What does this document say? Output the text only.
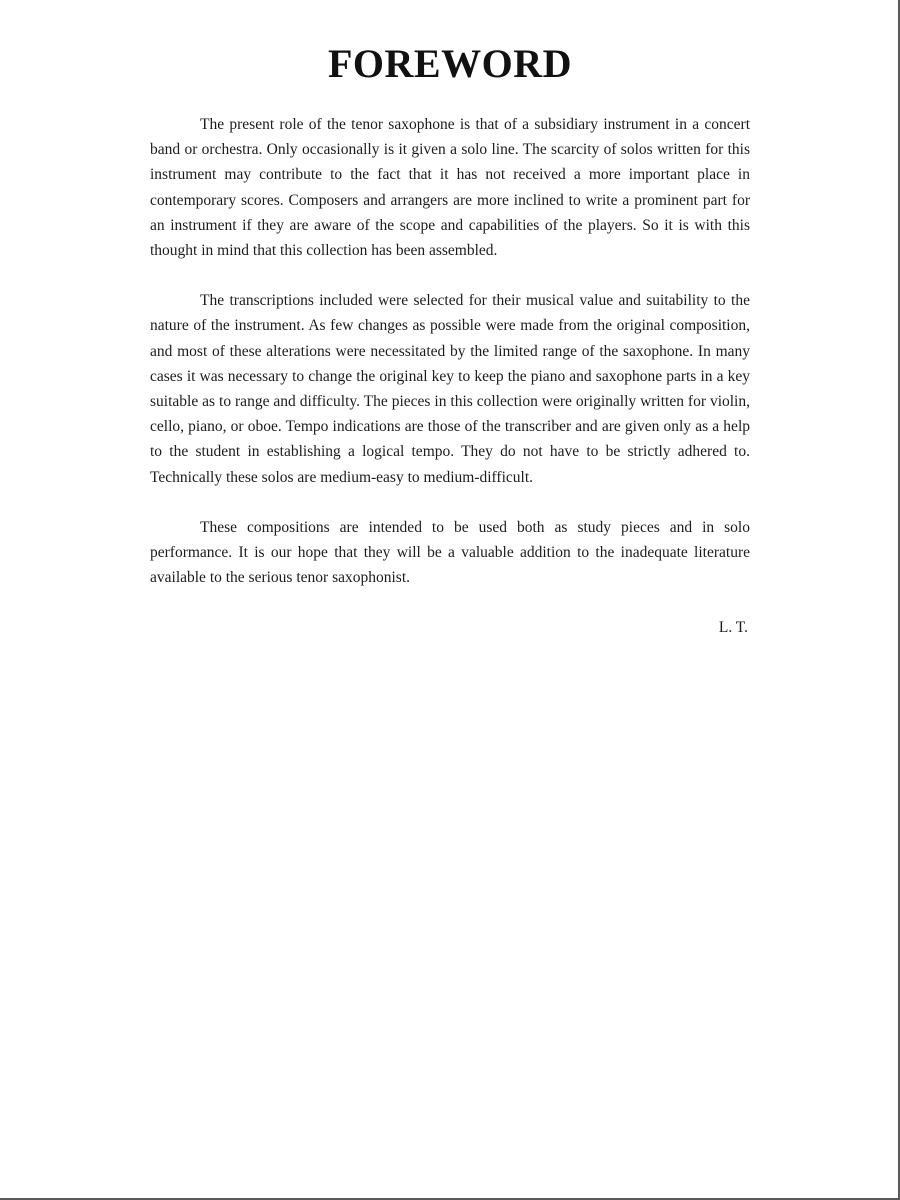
FOREWORD

The present role of the tenor saxophone is that of a subsidiary instrument in a concert band or orchestra. Only occasionally is it given a solo line. The scarcity of solos written for this instrument may contribute to the fact that it has not received a more important place in contemporary scores. Composers and arrangers are more inclined to write a prominent part for an instrument if they are aware of the scope and capabilities of the players. So it is with this thought in mind that this collection has been assembled.

The transcriptions included were selected for their musical value and suitability to the nature of the instrument. As few changes as possible were made from the original composition, and most of these alterations were necessitated by the limited range of the saxophone. In many cases it was necessary to change the original key to keep the piano and saxophone parts in a key suitable as to range and difficulty. The pieces in this collection were originally written for violin, cello, piano, or oboe. Tempo indications are those of the transcriber and are given only as a help to the student in establishing a logical tempo. They do not have to be strictly adhered to. Technically these solos are medium-easy to medium-difficult.

These compositions are intended to be used both as study pieces and in solo performance. It is our hope that they will be a valuable addition to the inadequate literature available to the serious tenor saxophonist.

L. T.
